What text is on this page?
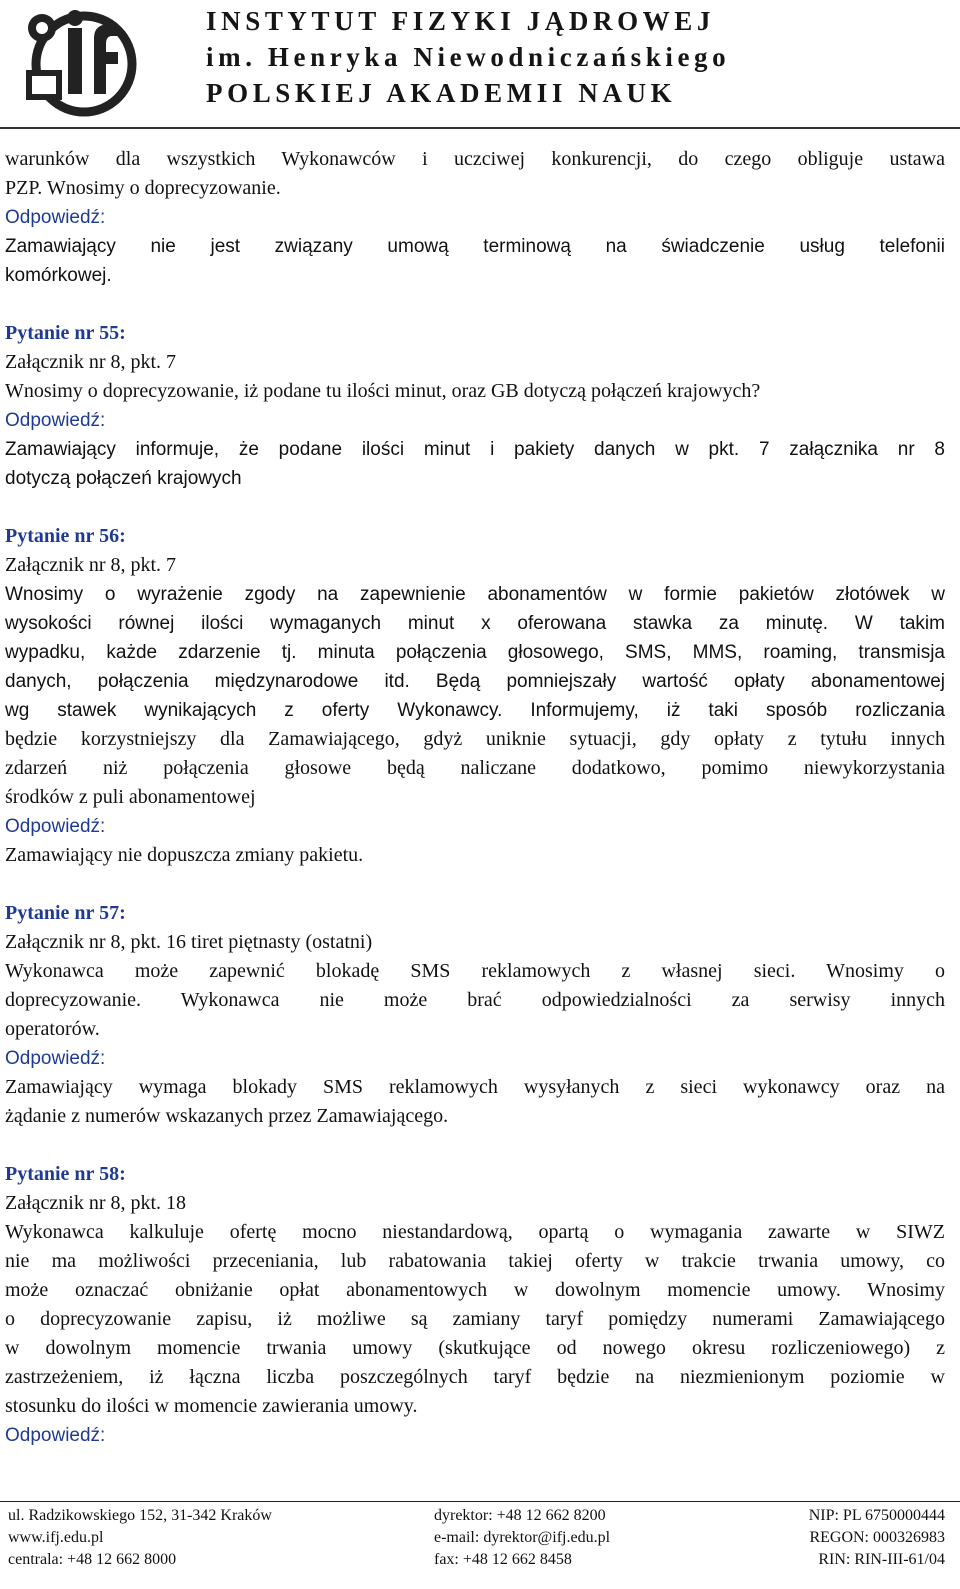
INSTYTUT FIZYKI JĄDROWEJ
im. Henryka Niewodniczańskiego
POLSKIEJ AKADEMII NAUK
warunków dla wszystkich Wykonawców i uczciwej konkurencji, do czego obliguje ustawa
PZP. Wnosimy o doprecyzowanie.
Odpowiedź:
Zamawiający nie jest związany umową terminową na świadczenie usług telefonii
komórkowej.
Pytanie nr 55:
Załącznik nr 8, pkt. 7
Wnosimy o doprecyzowanie, iż podane tu ilości minut, oraz GB dotyczą połączeń krajowych?
Odpowiedź:
Zamawiający informuje, że podane ilości minut i pakiety danych w pkt. 7 załącznika nr 8
dotyczą połączeń krajowych
Pytanie nr 56:
Załącznik nr 8, pkt. 7
Wnosimy o wyrażenie zgody na zapewnienie abonamentów w formie pakietów złotówek w
wysokości równej ilości wymaganych minut x oferowana stawka za minutę. W takim
wypadku, każde zdarzenie tj. minuta połączenia głosowego, SMS, MMS, roaming, transmisja
danych, połączenia międzynarodowe itd. Będą pomniejszały wartość opłaty abonamentowej
wg stawek wynikających z oferty Wykonawcy. Informujemy, iż taki sposób rozliczania
będzie korzystniejszy dla Zamawiającego, gdyż uniknie sytuacji, gdy opłaty z tytułu innych
zdarzeń niż połączenia głosowe będą naliczane dodatkowo, pomimo niewykorzystania
środków z puli abonamentowej
Odpowiedź:
Zamawiający nie dopuszcza zmiany pakietu.
Pytanie nr 57:
Załącznik nr 8, pkt. 16 tiret piętnasty (ostatni)
Wykonawca może zapewnić blokadę SMS reklamowych z własnej sieci. Wnosimy o
doprecyzowanie. Wykonawca nie może brać odpowiedzialności za serwisy innych
operatorów.
Odpowiedź:
Zamawiający wymaga blokady SMS reklamowych wysyłanych z sieci wykonawcy oraz na
żądanie z numerów wskazanych przez Zamawiającego.
Pytanie nr 58:
Załącznik nr 8, pkt. 18
Wykonawca kalkuluje ofertę mocno niestandardową, opartą o wymagania zawarte w SIWZ
nie ma możliwości przeceniania, lub rabatowania takiej oferty w trakcie trwania umowy, co
może oznaczać obniżanie opłat abonamentowych w dowolnym momencie umowy. Wnosimy
o doprecyzowanie zapisu, iż możliwe są zamiany taryf pomiędzy numerami Zamawiającego
w dowolnym momencie trwania umowy (skutkujące od nowego okresu rozliczeniowego) z
zastrzeżeniem, iż łączna liczba poszczególnych taryf będzie na niezmienionym poziomie w
stosunku do ilości w momencie zawierania umowy.
Odpowiedź:
ul. Radzikowskiego 152, 31-342 Kraków
www.ifj.edu.pl
centrala: +48 12 662 8000
dyrektor: +48 12 662 8200
e-mail: dyrektor@ifj.edu.pl
fax: +48 12 662 8458
NIP: PL 6750000444
REGON: 000326983
RIN: RIN-III-61/04
